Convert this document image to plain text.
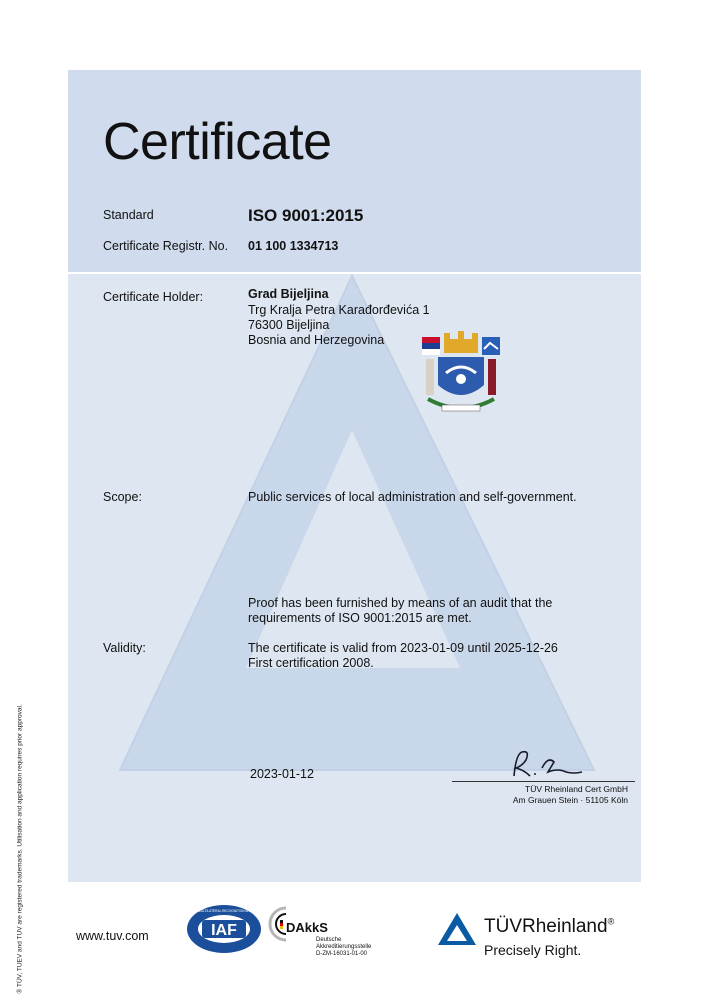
® TÜV, TUEV and TUV are registered trademarks. Utilisation and application requires prior approval.
Certificate
Standard	ISO 9001:2015
Certificate Registr. No. 01 100 1334713
Certificate Holder:	Grad Bijeljina
Trg Kralja Petra Karađorđevića 1
76300 Bijeljina
Bosnia and Herzegovina
Scope:	Public services of local administration and self-government.
Proof has been furnished by means of an audit that the
requirements of ISO 9001:2015 are met.
Validity:	The certificate is valid from 2023-01-09 until 2025-12-26
First certification 2008.
2023-01-12
TÜV Rheinland Cert GmbH
Am Grauen Stein · 51105 Köln
www.tuv.com	IAF
MEMBER OF MULTILATERAL RECOGNITION ARRANGEMENT
DAkkS
Deutsche
Akkreditierungsstelle
D-ZM-16031-01-00
TÜVRheinland®
Precisely Right.
